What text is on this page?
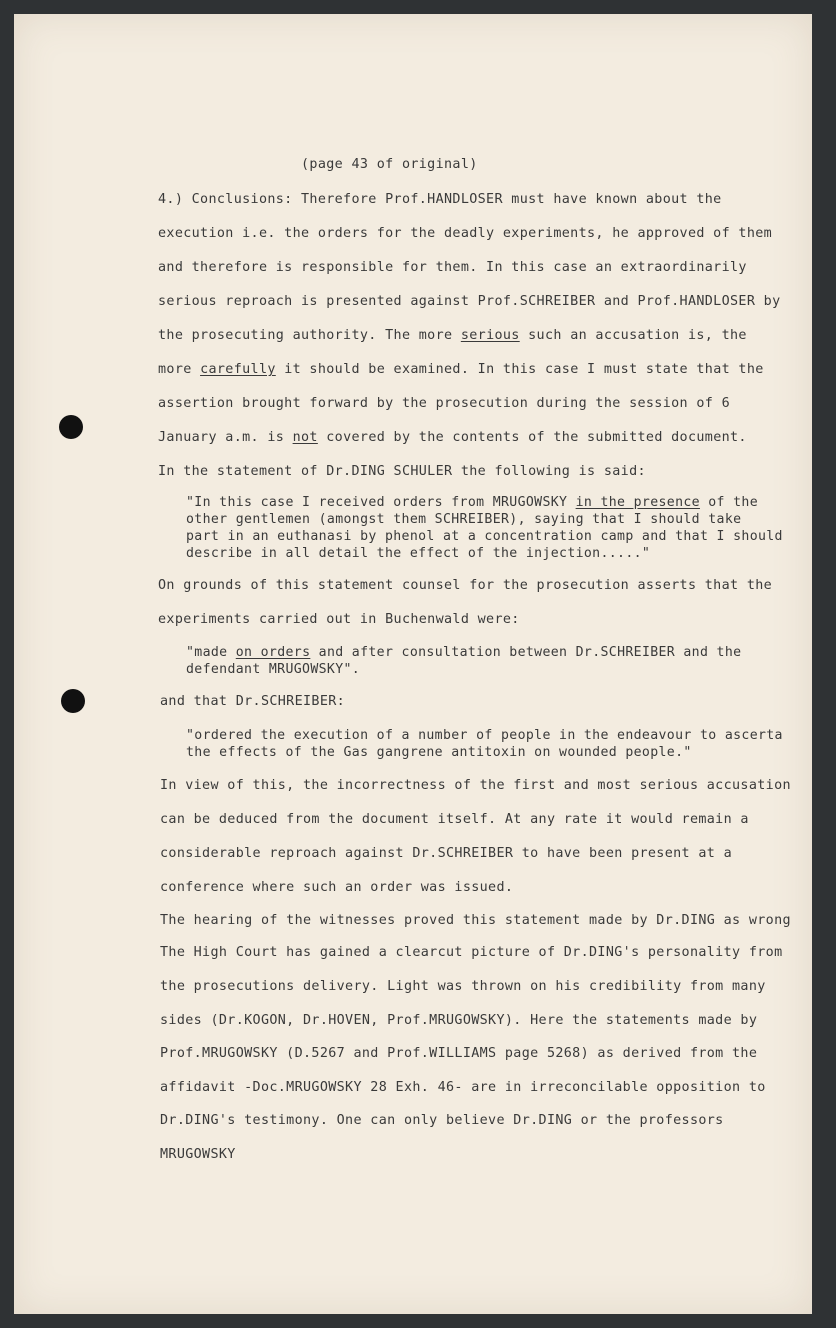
(page 43 of original)
4.) Conclusions: Therefore Prof.HANDLOSER must have known about the
execution i.e. the orders for the deadly experiments, he approved of them
and therefore is responsible for them. In this case an extraordinarily
serious reproach is presented against Prof.SCHREIBER and Prof.HANDLOSER by
the prosecuting authority. The more serious such an accusation is, the
more carefully it should be examined. In this case I must state that the
assertion brought forward by the prosecution during the session of 6
January a.m. is not covered by the contents of the submitted document.
In the statement of Dr.DING SCHULER the following is said:
"In this case I received orders from MRUGOWSKY in the presence of the
other gentlemen (amongst them SCHREIBER), saying that I should take
part in an euthanasi by phenol at a concentration camp and that I should
describe in all detail the effect of the injection....."
On grounds of this statement counsel for the prosecution asserts that the
experiments carried out in Buchenwald were:
"made on orders and after consultation between Dr.SCHREIBER and the
defendant MRUGOWSKY".
and that Dr.SCHREIBER:
"ordered the execution of a number of people in the endeavour to ascerta
the effects of the Gas gangrene antitoxin on wounded people."
In view of this, the incorrectness of the first and most serious accusation
can be deduced from the document itself. At any rate it would remain a
considerable reproach against Dr.SCHREIBER to have been present at a
conference where such an order was issued.
The hearing of the witnesses proved this statement made by Dr.DING as wrong
The High Court has gained a clearcut picture of Dr.DING's personality from
the prosecutions delivery. Light was thrown on his credibility from many
sides (Dr.KOGON, Dr.HOVEN, Prof.MRUGOWSKY). Here the statements made by
Prof.MRUGOWSKY (D.5267 and Prof.WILLIAMS page 5268) as derived from the
affidavit -Doc.MRUGOWSKY 28 Exh. 46- are in irreconcilable opposition to
Dr.DING's testimony. One can only believe Dr.DING or the professors
MRUGOWSKY
